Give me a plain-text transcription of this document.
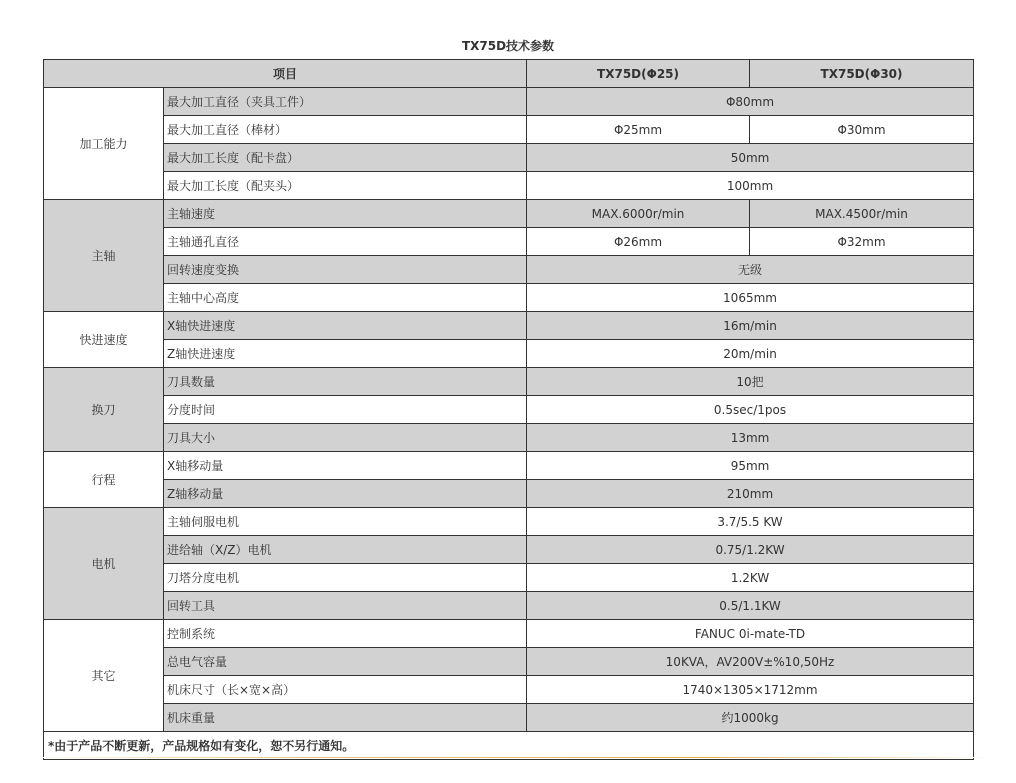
TX75D技术参数
项目		TX75D(Φ25)	TX75D(Φ30)
加工能力	最大加工直径（夹具工件）	Φ80mm	
	最大加工直径（棒材）	Φ25mm	Φ30mm
	最大加工长度（配卡盘）	50mm	
	最大加工长度（配夹头）	100mm	
主轴	主轴速度	MAX.6000r/min	MAX.4500r/min
	主轴通孔直径	Φ26mm	Φ32mm
	回转速度变换	无级	
	主轴中心高度	1065mm	
快进速度	X轴快进速度	16m/min	
	Z轴快进速度	20m/min	
换刀	刀具数量	10把	
	分度时间	0.5sec/1pos	
	刀具大小	13mm	
行程	X轴移动量	95mm	
	Z轴移动量	210mm	
电机	主轴伺服电机	3.7/5.5 KW	
	进给轴（X/Z）电机	0.75/1.2KW	
	刀塔分度电机	1.2KW	
	回转工具	0.5/1.1KW	
其它	控制系统	FANUC 0i-mate-TD	
	总电气容量	10KVA，AV200V±%10,50Hz	
	机床尺寸（长×宽×高）	1740×1305×1712mm	
	机床重量	约1000kg	
*由于产品不断更新，产品规格如有变化，恕不另行通知。			
